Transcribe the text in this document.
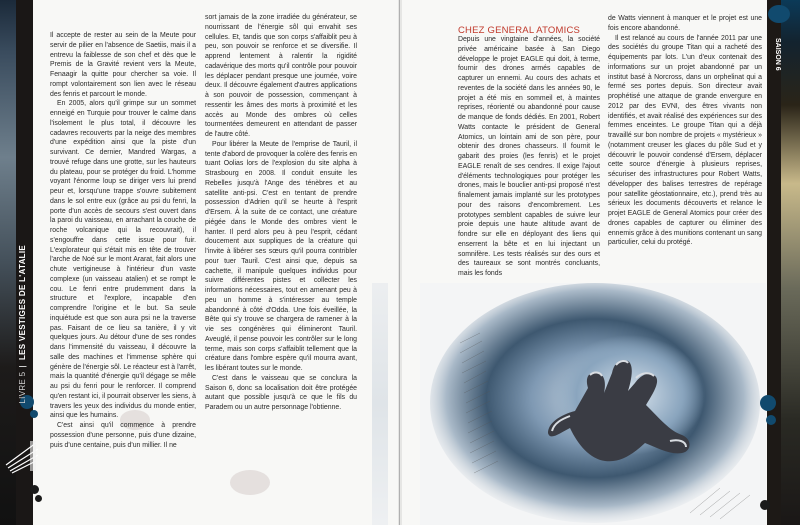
LIVRE 5 | LES VESTIGES DE L'ATALIE

Il accepte de rester au sein de la Meute pour servir de pilier en l'absence de Saetiis, mais il a entrevu la faiblesse de son chef et dès que le Premis de la Gravité revient vers la Meute, Fenaagir la quitte pour chercher sa voie. Il rompt volontairement son lien avec le réseau des fenris et parcourt le monde.

En 2005, alors qu'il grimpe sur un sommet enneigé en Turquie pour trouver le calme dans l'isolement le plus total, il découvre les cadavres recouverts par la neige des membres d'une expédition ainsi que la piste d'un survivant. Ce dernier, Mandred Wargas, a trouvé refuge dans une grotte, sur les hauteurs du plateau, pour se protéger du froid. L'homme voyant l'énorme loup se diriger vers lui prend peur et, lorsqu'une trappe s'ouvre subitement dans le sol entre eux (grâce au psi du fenri, la porte d'un accès de secours s'est ouvert dans la paroi du vaisseau, en arrachant la couche de roche volcanique qui la recouvrait), il s'engouffre dans cette issue pour fuir. L'explorateur qui s'était mis en tête de trouver l'arche de Noé sur le mont Ararat, fait alors une chute vertigineuse à l'intérieur d'un vaste complexe (un vaisseau atalien) et se rompt le cou. Le fenri entre prudemment dans la structure et l'explore, incapable d'en comprendre l'origine et le but. Sa seule inquiétude est que son aura psi ne la traverse pas. Faisant de ce lieu sa tanière, il y vit quelques jours. Au détour d'une de ses rondes dans l'immensité du vaisseau, il découvre la salle des machines et l'immense sphère qui génère de l'énergie sôl. Le réacteur est à l'arrêt, mais la quantité d'énergie qu'il dégage se mêle au psi du fenri pour le renforcer. Il comprend qu'en restant ici, il pourrait observer les siens, à travers les yeux des individus du monde entier, ainsi que les humains.

C'est ainsi qu'il commence à prendre possession d'une personne, puis d'une dizaine, puis d'une centaine, puis d'un millier. Il ne

sort jamais de la zone irradiée du générateur, se nourrissant de l'énergie sôl qui envahit ses cellules. Et, tandis que son corps s'affaiblit peu à peu, son pouvoir se renforce et se diversifie. Il apprend lentement à ralentir la rigidité cadavérique des morts qu'il contrôle pour pouvoir les déplacer pendant presque une journée, voire deux. Il découvre également d'autres applications à son pouvoir de possession, commençant à ressentir les âmes des morts à proximité et les accès au Monde des ombres où celles tourmentées demeurent en attendant de passer de l'autre côté.

Pour libérer la Meute de l'emprise de Tauril, il tente d'abord de provoquer la colère des fenris en tuant Oolias lors de l'explosion du site alpha à Strasbourg en 2008. Il conduit ensuite les Rebelles jusqu'à l'Ange des ténèbres et au satellite anti-psi. C'est en tentant de prendre possession d'Adrien qu'il se heurte à l'esprit d'Ersem. À la suite de ce contact, une créature piégée dans le Monde des ombres vient le hanter. Il perd alors peu à peu l'esprit, cédant doucement aux suppliques de la créature qui l'invite à libérer ses sœurs qu'il pourra contribler pour tuer Tauril. C'est ainsi que, depuis sa cachette, il manipule quelques individus pour suivre différentes pistes et collecter les informations nécessaires, tout en amenant peu à peu un homme à s'intéresser au temple abandonné à côté d'Odda. Une fois éveillée, la Bête qui s'y trouve se chargera de ramener à la vie ses congénères qui élimineront Tauril. Aveuglé, il pense pouvoir les contrôler sur le long terme, mais son corps s'affaiblit tellement que la créature dans l'ombre espère qu'il mourra avant, les libérant toutes sur le monde.

C'est dans le vaisseau que se conclura la Saison 6, donc sa localisation doit être protégée autant que possible jusqu'à ce que le fils du Paradem ou un autre personnage l'obtienne.

CHEZ GENERAL ATOMICS

Depuis une vingtaine d'années, la société privée américaine basée à San Diego développe le projet EAGLE qui doit, à terme, fournir des drones armés capables de capturer un ennemi. Au cours des achats et reventes de la société dans les années 90, le projet a été mis en sommeil et, à maintes reprises, réorienté ou abandonné pour cause de manque de fonds dédiés. En 2001, Robert Watts contacte le président de General Atomics, un lointain ami de son père, pour obtenir des drones chasseurs. Il fournit le gabarit des proies (les fenris) et le projet EAGLE renaît de ses cendres. Il exige l'ajout d'éléments technologiques pour protéger les drones, mais le bouclier anti-psi proposé n'est finalement jamais implanté sur les prototypes pour des raisons d'encombrement. Les prototypes semblent capables de suivre leur proie depuis une haute altitude avant de fondre sur elle en déployant des liens qui enserrent la bête et en lui injectant un somnifère. Les tests réalisés sur des ours et des taureaux se sont montrés concluants, mais les fonds

de Watts viennent à manquer et le projet est une fois encore abandonné.

Il est relancé au cours de l'année 2011 par une des sociétés du groupe Titan qui a racheté des équipements par lots. L'un d'eux contenait des informations sur un projet abandonné par un institut basé à Norcross, dans un orphelinat qui a fermé ses portes depuis. Son directeur avait prophétisé une attaque de grande envergure en 2012 par des EVNI, des êtres vivants non identifiés, et avait réalisé des expériences sur des femmes enceintes. Le groupe Titan qui a déjà travaillé sur bon nombre de projets « mystérieux » (notamment creuser les glaces du pôle Sud et y découvrir le pouvoir condensé d'Ersem, déplacer cette source d'énergie à plusieurs reprises, sécuriser des infrastructures pour Robert Watts, développer des balises terrestres de repérage pour satellite géostationnaire, etc.), prend très au sérieux les documents découverts et relance le projet EAGLE de General Atomics pour créer des drones capables de capturer ou éliminer des ennemis grâce à des munitions contenant un sang particulier, celui du protégé.

SAISON 6
